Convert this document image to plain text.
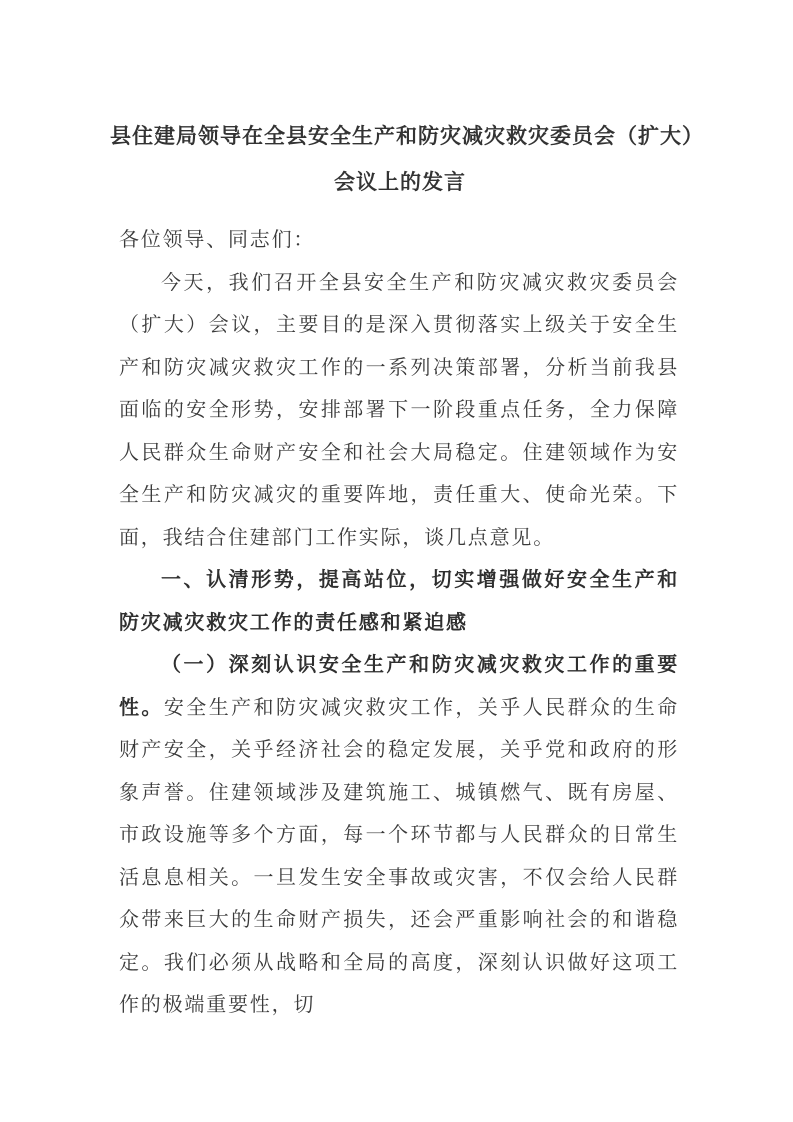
县住建局领导在全县安全生产和防灾减灾救灾委员会（扩大）
会议上的发言

各位领导、同志们：

今天，我们召开全县安全生产和防灾减灾救灾委员会（扩大）会议，主要目的是深入贯彻落实上级关于安全生产和防灾减灾救灾工作的一系列决策部署，分析当前我县面临的安全形势，安排部署下一阶段重点任务，全力保障人民群众生命财产安全和社会大局稳定。住建领域作为安全生产和防灾减灾的重要阵地，责任重大、使命光荣。下面，我结合住建部门工作实际，谈几点意见。

一、认清形势，提高站位，切实增强做好安全生产和防灾减灾救灾工作的责任感和紧迫感

（一）深刻认识安全生产和防灾减灾救灾工作的重要性。安全生产和防灾减灾救灾工作，关乎人民群众的生命财产安全，关乎经济社会的稳定发展，关乎党和政府的形象声誉。住建领域涉及建筑施工、城镇燃气、既有房屋、市政设施等多个方面，每一个环节都与人民群众的日常生活息息相关。一旦发生安全事故或灾害，不仅会给人民群众带来巨大的生命财产损失，还会严重影响社会的和谐稳定。我们必须从战略和全局的高度，深刻认识做好这项工作的极端重要性，切
